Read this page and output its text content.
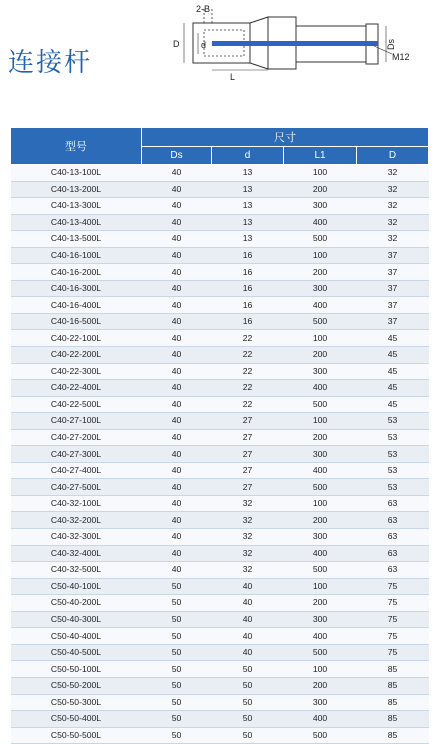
连接杆
2-B
d
D
L
Ds
M12
型号	尺寸			
	Ds	d	L1	D
C40-13-100L	40	13	100	32
C40-13-200L	40	13	200	32
C40-13-300L	40	13	300	32
C40-13-400L	40	13	400	32
C40-13-500L	40	13	500	32
C40-16-100L	40	16	100	37
C40-16-200L	40	16	200	37
C40-16-300L	40	16	300	37
C40-16-400L	40	16	400	37
C40-16-500L	40	16	500	37
C40-22-100L	40	22	100	45
C40-22-200L	40	22	200	45
C40-22-300L	40	22	300	45
C40-22-400L	40	22	400	45
C40-22-500L	40	22	500	45
C40-27-100L	40	27	100	53
C40-27-200L	40	27	200	53
C40-27-300L	40	27	300	53
C40-27-400L	40	27	400	53
C40-27-500L	40	27	500	53
C40-32-100L	40	32	100	63
C40-32-200L	40	32	200	63
C40-32-300L	40	32	300	63
C40-32-400L	40	32	400	63
C40-32-500L	40	32	500	63
C50-40-100L	50	40	100	75
C50-40-200L	50	40	200	75
C50-40-300L	50	40	300	75
C50-40-400L	50	40	400	75
C50-40-500L	50	40	500	75
C50-50-100L	50	50	100	85
C50-50-200L	50	50	200	85
C50-50-300L	50	50	300	85
C50-50-400L	50	50	400	85
C50-50-500L	50	50	500	85
